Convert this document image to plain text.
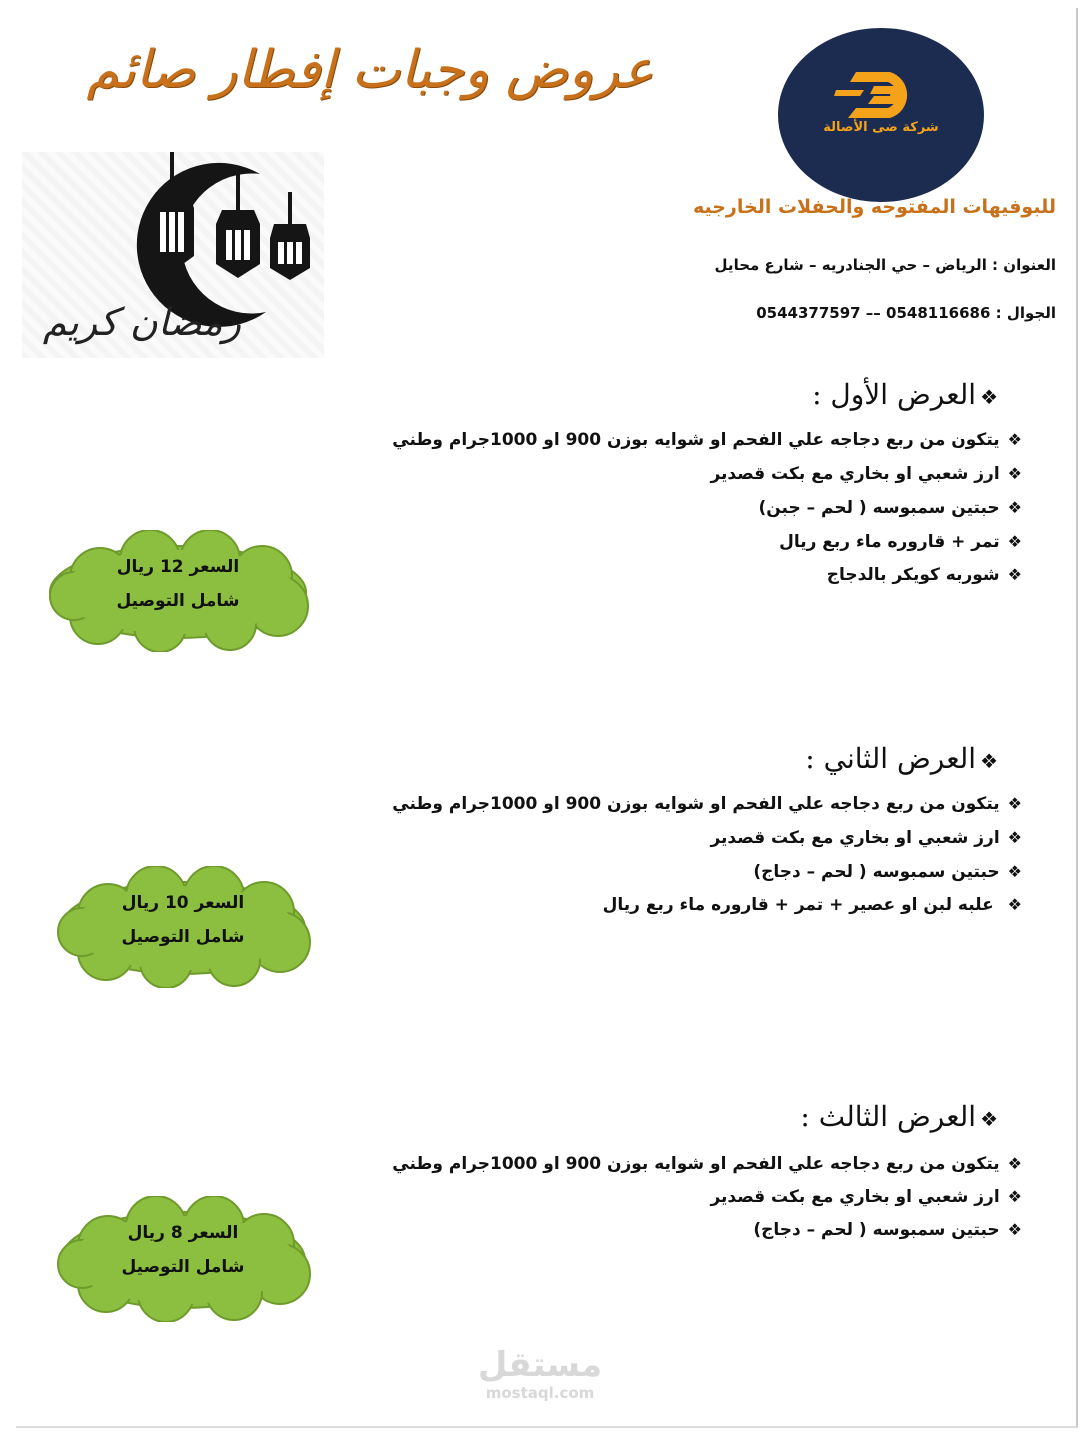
عروض وجبات إفطار صائم
شركة ضى الأصالة
رمضان كريم
للبوفيهات المفتوحه والحفلات الخارجيه
العنوان : الرياض – حي الجنادريه – شارع محايل
الجوال : 0548116686 –– 0544377597
❖العرض الأول :
❖يتكون من ربع دجاجه علي الفحم او شوايه بوزن 900 او 1000جرام وطني
❖ارز شعبي او بخاري مع بكت قصدير
❖حبتين سمبوسه ( لحم – جبن)
❖تمر + قاروره ماء ربع ريال
❖شوربه كويكر بالدجاج
السعر 12 ريال
شامل التوصيل
❖العرض الثاني :
❖يتكون من ربع دجاجه علي الفحم او شوايه بوزن 900 او 1000جرام وطني
❖ارز شعبي او بخاري مع بكت قصدير
❖حبتين سمبوسه ( لحم – دجاج)
❖ علبه لبن او عصير + تمر + قاروره ماء ربع ريال
السعر 10 ريال
شامل التوصيل
❖العرض الثالث :
❖يتكون من ربع دجاجه علي الفحم او شوايه بوزن 900 او 1000جرام وطني
❖ارز شعبي او بخاري مع بكت قصدير
❖حبتين سمبوسه ( لحم – دجاج)
السعر 8 ريال
شامل التوصيل
مستقل
mostaql.com
